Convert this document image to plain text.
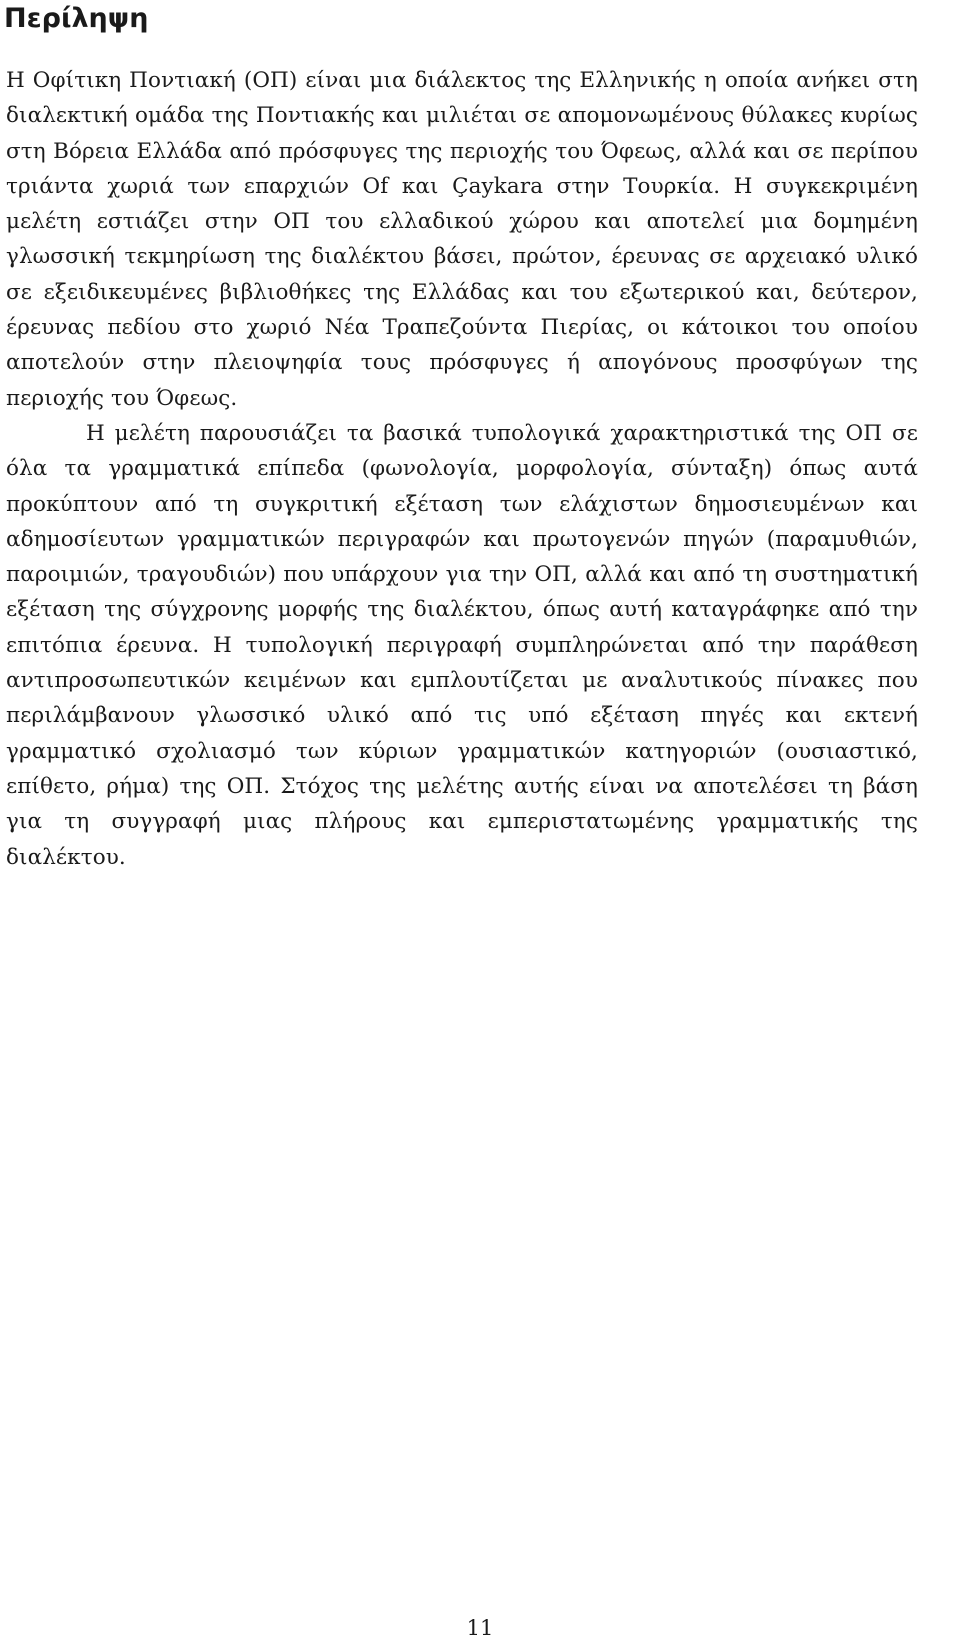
Περίληψη

Η Οφίτικη Ποντιακή (ΟΠ) είναι μια διάλεκτος της Ελληνικής η οποία ανήκει στη διαλεκτική ομάδα της Ποντιακής και μιλιέται σε απομονωμένους θύλακες κυρίως στη Βόρεια Ελλάδα από πρόσφυγες της περιοχής του Όφεως, αλλά και σε περίπου τριάντα χωριά των επαρχιών Of και Çaykara στην Τουρκία. Η συγκεκριμένη μελέτη εστιάζει στην ΟΠ του ελλαδικού χώρου και αποτελεί μια δομημένη γλωσσική τεκμηρίωση της διαλέκτου βάσει, πρώτον, έρευνας σε αρχειακό υλικό σε εξειδικευμένες βιβλιοθήκες της Ελλάδας και του εξωτερικού και, δεύτερον, έρευνας πεδίου στο χωριό Νέα Τραπεζούντα Πιερίας, οι κάτοικοι του οποίου αποτελούν στην πλειοψηφία τους πρόσφυγες ή απογόνους προσφύγων της περιοχής του Όφεως.

Η μελέτη παρουσιάζει τα βασικά τυπολογικά χαρακτηριστικά της ΟΠ σε όλα τα γραμματικά επίπεδα (φωνολογία, μορφολογία, σύνταξη) όπως αυτά προκύπτουν από τη συγκριτική εξέταση των ελάχιστων δημοσιευμένων και αδημοσίευτων γραμματικών περιγραφών και πρωτογενών πηγών (παραμυθιών, παροιμιών, τραγουδιών) που υπάρχουν για την ΟΠ, αλλά και από τη συστηματική εξέταση της σύγχρονης μορφής της διαλέκτου, όπως αυτή καταγράφηκε από την επιτόπια έρευνα. Η τυπολογική περιγραφή συμπληρώνεται από την παράθεση αντιπροσωπευτικών κειμένων και εμπλουτίζεται με αναλυτικούς πίνακες που περιλάμβανουν γλωσσικό υλικό από τις υπό εξέταση πηγές και εκτενή γραμματικό σχολιασμό των κύριων γραμματικών κατηγοριών (ουσιαστικό, επίθετο, ρήμα) της ΟΠ. Στόχος της μελέτης αυτής είναι να αποτελέσει τη βάση για τη συγγραφή μιας πλήρους και εμπεριστατωμένης γραμματικής της διαλέκτου.

11
